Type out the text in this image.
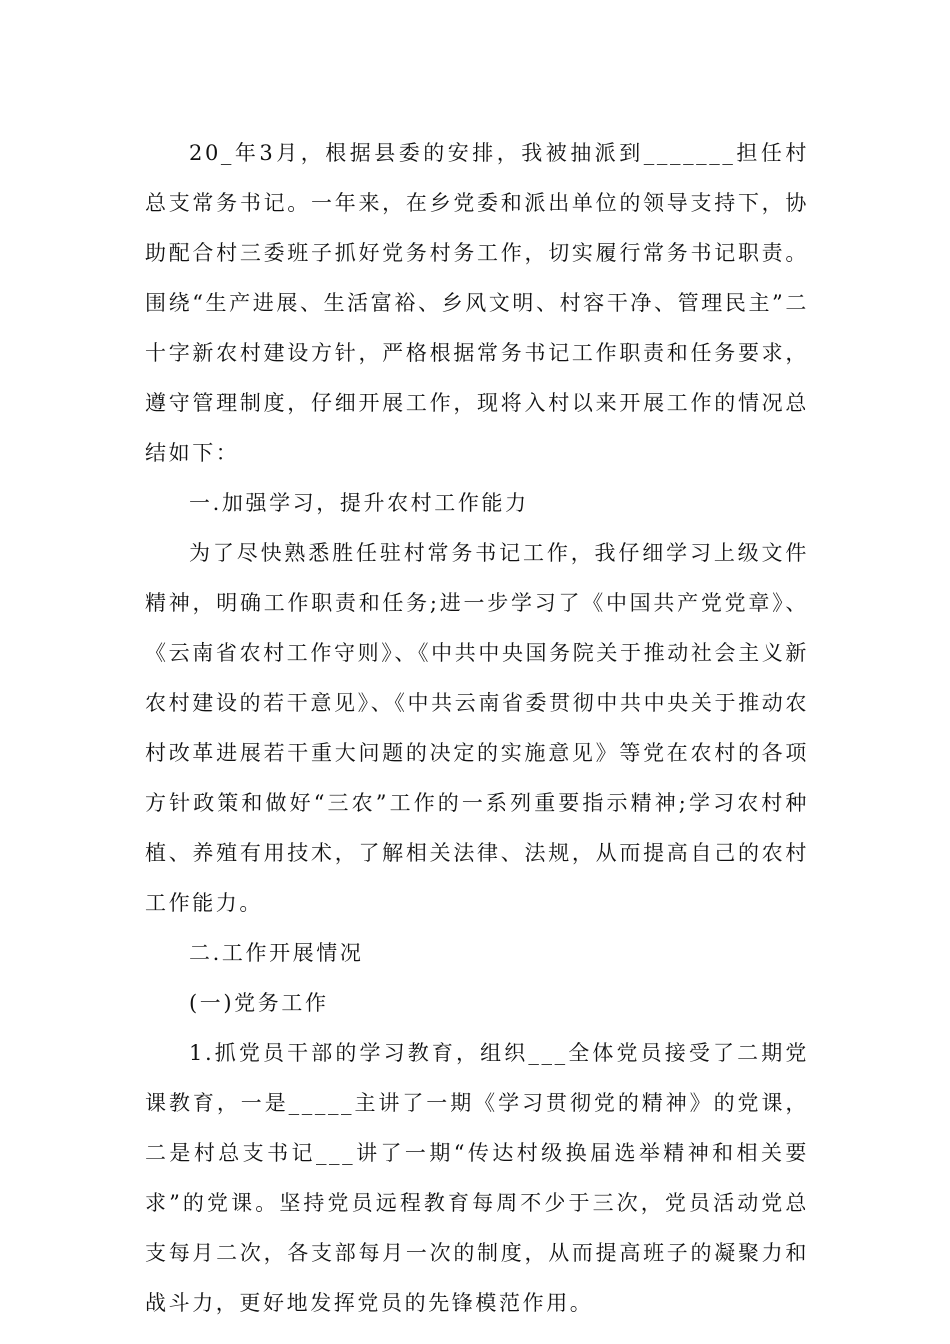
20_年3月，根据县委的安排，我被抽派到_______担任村总支常务书记。一年来，在乡党委和派出单位的领导支持下，协助配合村三委班子抓好党务村务工作，切实履行常务书记职责。围绕“生产进展、生活富裕、乡风文明、村容干净、管理民主”二十字新农村建设方针，严格根据常务书记工作职责和任务要求，遵守管理制度，仔细开展工作，现将入村以来开展工作的情况总结如下：

一.加强学习，提升农村工作能力

为了尽快熟悉胜任驻村常务书记工作，我仔细学习上级文件精神，明确工作职责和任务;进一步学习了《中国共产党党章》、《云南省农村工作守则》、《中共中央国务院关于推动社会主义新农村建设的若干意见》、《中共云南省委贯彻中共中央关于推动农村改革进展若干重大问题的决定的实施意见》等党在农村的各项方针政策和做好“三农”工作的一系列重要指示精神;学习农村种植、养殖有用技术，了解相关法律、法规，从而提高自己的农村工作能力。

二.工作开展情况

(一)党务工作

1.抓党员干部的学习教育，组织___全体党员接受了二期党课教育，一是_____主讲了一期《学习贯彻党的精神》的党课，二是村总支书记___讲了一期“传达村级换届选举精神和相关要求”的党课。坚持党员远程教育每周不少于三次，党员活动党总支每月二次，各支部每月一次的制度，从而提高班子的凝聚力和战斗力，更好地发挥党员的先锋模范作用。
